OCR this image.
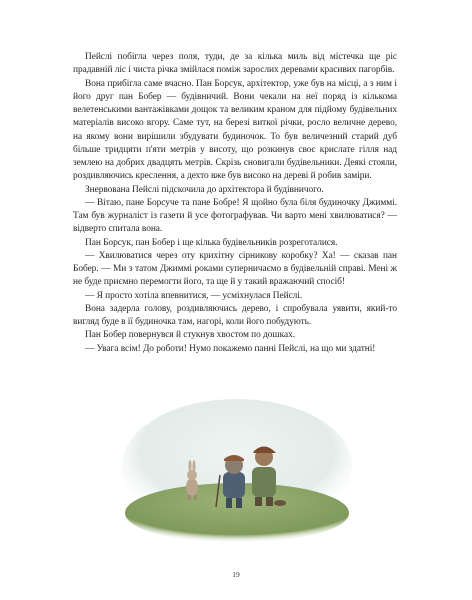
Пейслі побігла через поля, туди, де за кілька миль від містечка ще ріс прадавній ліс і чиста річка змійлася поміж зарослих деревами красивих пагорбів.

Вона прибігла саме вчасно. Пан Борсук, архітектор, уже був на місці, а з ним і його друг пан Бобер — будівничий. Вони чекали на неї поряд із кількома велетенськими вантажівками дощок та великим краном для підйому будівельних матеріалів високо вгору. Саме тут, на березі виткої річки, росло величне дерево, на якому вони вирішили збудувати будиночок. То був величезний старий дуб більше тридцяти п'яти метрів у висоту, що розкинув своє крислате гілля над землею на добрих двадцять метрів. Скрізь сновигали будівельники. Деякі стояли, роздивляючись креслення, а дехто вже був високо на дереві й робив заміри.

Знервована Пейслі підскочила до архітектора й будівничого.

— Вітаю, пане Борсуче та пане Бобре! Я щойно була біля будиночку Джиммі. Там був журналіст із газети й усе фотографував. Чи варто мені хвилюватися? — відверто спитала вона.

Пан Борсук, пан Бобер і ще кілька будівельників розреготалися.

— Хвилюватися через оту крихітну сірникову коробку? Ха! — сказав пан Бобер. — Ми з татом Джиммі роками суперничаємо в будівельній справі. Мені ж не буде приємно перемогти його, та ще й у такий вражаючий спосіб!

— Я просто хотіла впевнитися, — усміхнулася Пейслі.

Вона задерла голову, роздивляючись дерево, і спробувала уявити, який-то вигляд буде в її будиночка там, нагорі, коли його побудують.

Пан Бобер повернувся й стукнув хвостом по дошках.

— Увага всім! До роботи! Нумо покажемо панні Пейслі, на що ми здатні!

19
